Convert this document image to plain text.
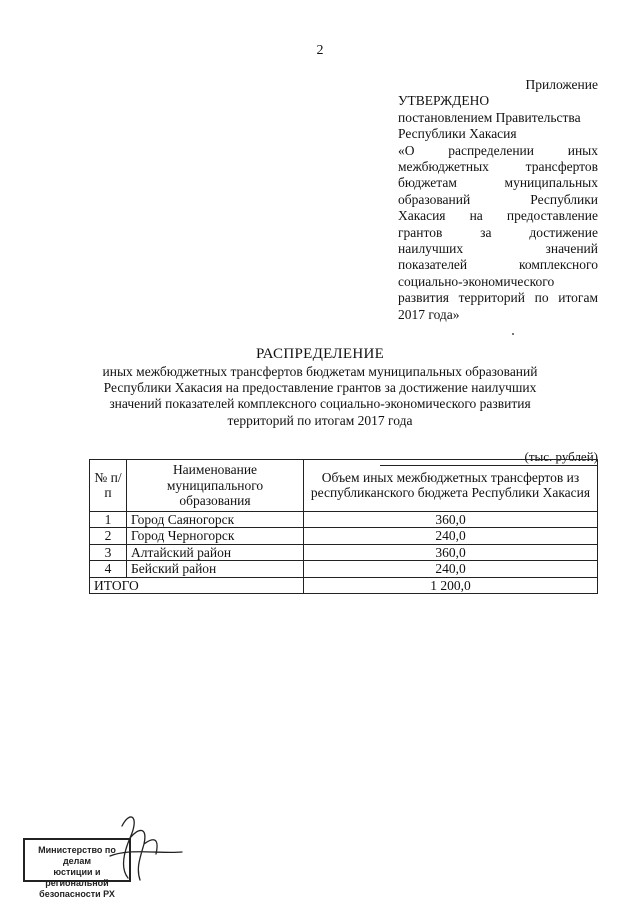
2
Приложение
УТВЕРЖДЕНО
постановлением Правительства
Республики Хакасия
«О распределении иных
межбюджетных трансфертов
бюджетам муниципальных
образований Республики
Хакасия на предоставление
грантов за достижение
наилучших значений
показателей комплексного
социально-экономического
развития территорий по итогам
2017 года»
РАСПРЕДЕЛЕНИЕ
иных межбюджетных трансфертов бюджетам муниципальных образований Республики Хакасия на предоставление грантов за достижение наилучших значений показателей комплексного социально-экономического развития территорий по итогам 2017 года
(тыс. рублей)
№ п/п	Наименование муниципального образования	Объем иных межбюджетных трансфертов из республиканского бюджета Республики Хакасия
1	Город Саяногорск	360,0
2	Город Черногорск	240,0
3	Алтайский район	360,0
4	Бейский район	240,0
ИТОГО		1 200,0
Министерство по делам
юстиции и региональной
безопасности РХ
